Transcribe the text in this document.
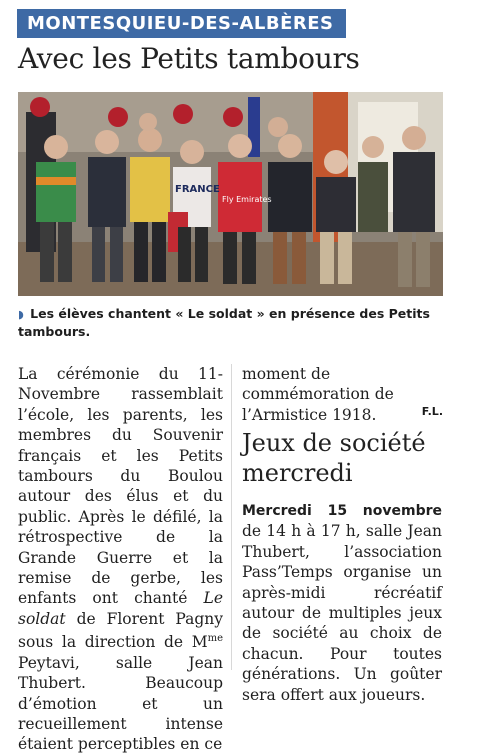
MONTESQUIEU-DES-ALBÈRES
Avec les Petits tambours
FRANCE
Fly Emirates
◗ Les élèves chantent « Le soldat » en présence des Petits tambours.

La cérémonie du 11-Novembre rassemblait l’école, les parents, les membres du Souvenir français et les Petits tambours du Boulou autour des élus et du public. Après le défilé, la rétrospective de la Grande Guerre et la remise de gerbe, les enfants ont chanté Le soldat de Florent Pagny sous la direction de $M^{me}$ Peytavi, salle Jean Thubert. Beaucoup d’émotion et un recueillement intense étaient perceptibles en ce

moment de commémoration de l’Armistice 1918.	F.L.
Jeux de société mercredi

Mercredi 15 novembre de 14 h à 17 h, salle Jean Thubert, l’association Pass’Temps organise un après-midi récréatif autour de multiples jeux de société au choix de chacun. Pour toutes générations. Un goûter sera offert aux joueurs.
